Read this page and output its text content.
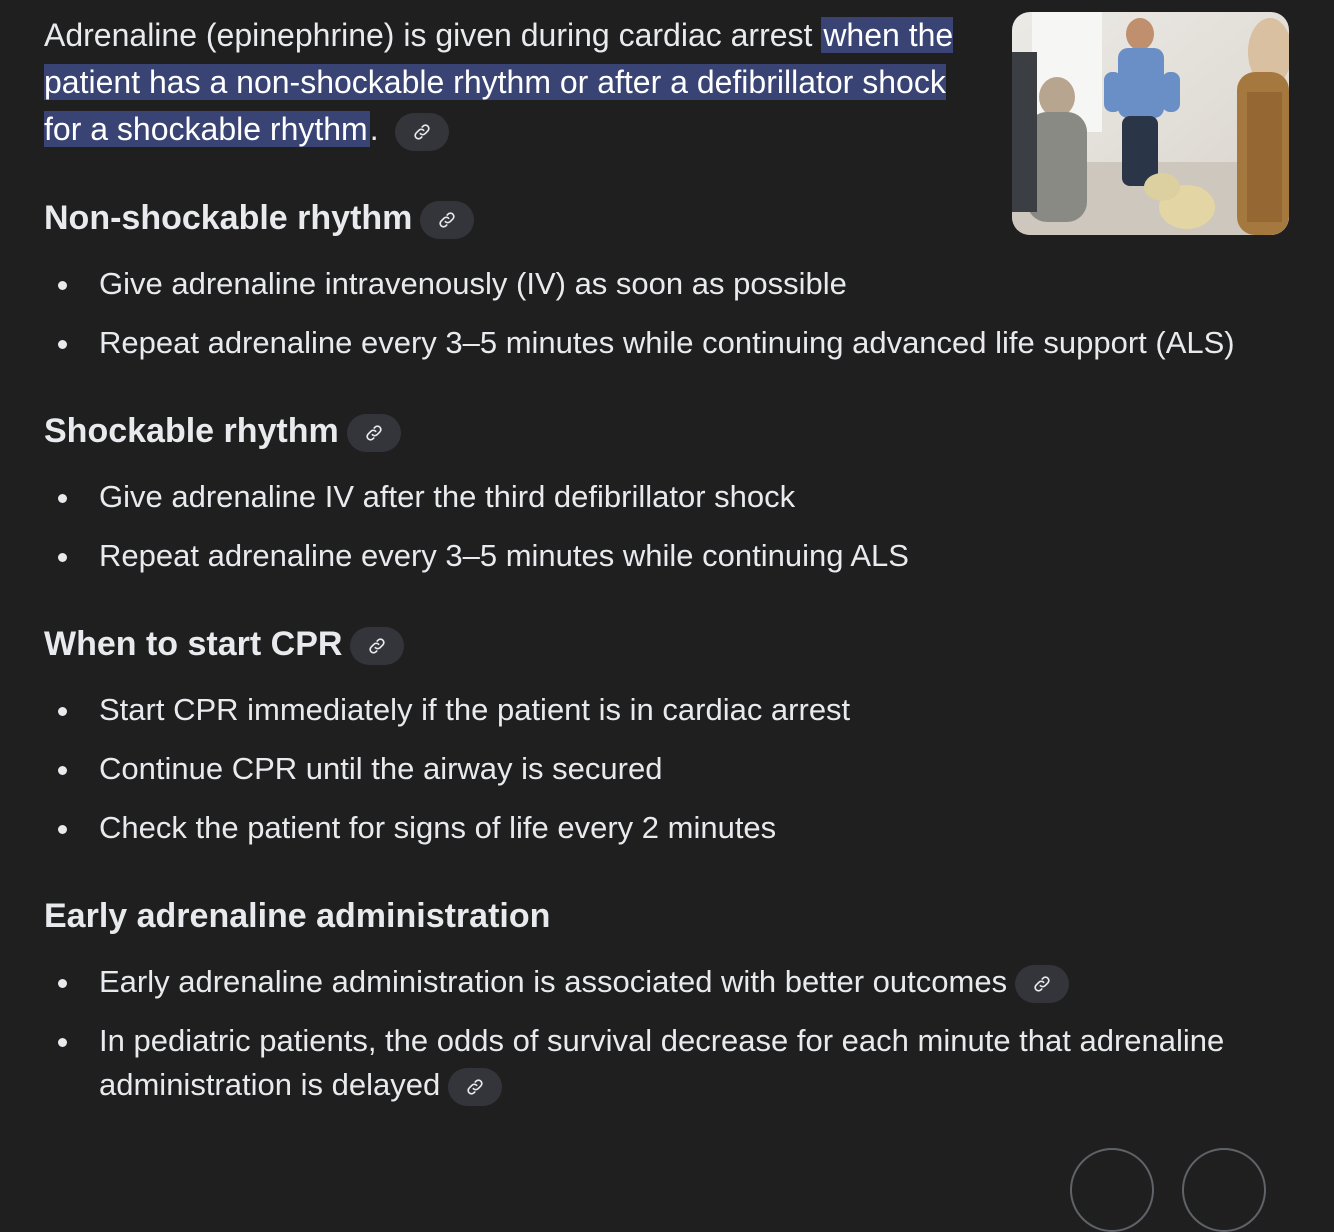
Adrenaline (epinephrine) is given during cardiac arrest when the patient has a non-shockable rhythm or after a defibrillator shock for a shockable rhythm.

Non-shockable rhythm
Give adrenaline intravenously (IV) as soon as possible
Repeat adrenaline every 3–5 minutes while continuing advanced life support (ALS)
Shockable rhythm
Give adrenaline IV after the third defibrillator shock
Repeat adrenaline every 3–5 minutes while continuing ALS
When to start CPR
Start CPR immediately if the patient is in cardiac arrest
Continue CPR until the airway is secured
Check the patient for signs of life every 2 minutes
Early adrenaline administration
Early adrenaline administration is associated with better outcomes
In pediatric patients, the odds of survival decrease for each minute that adrenaline administration is delayed
